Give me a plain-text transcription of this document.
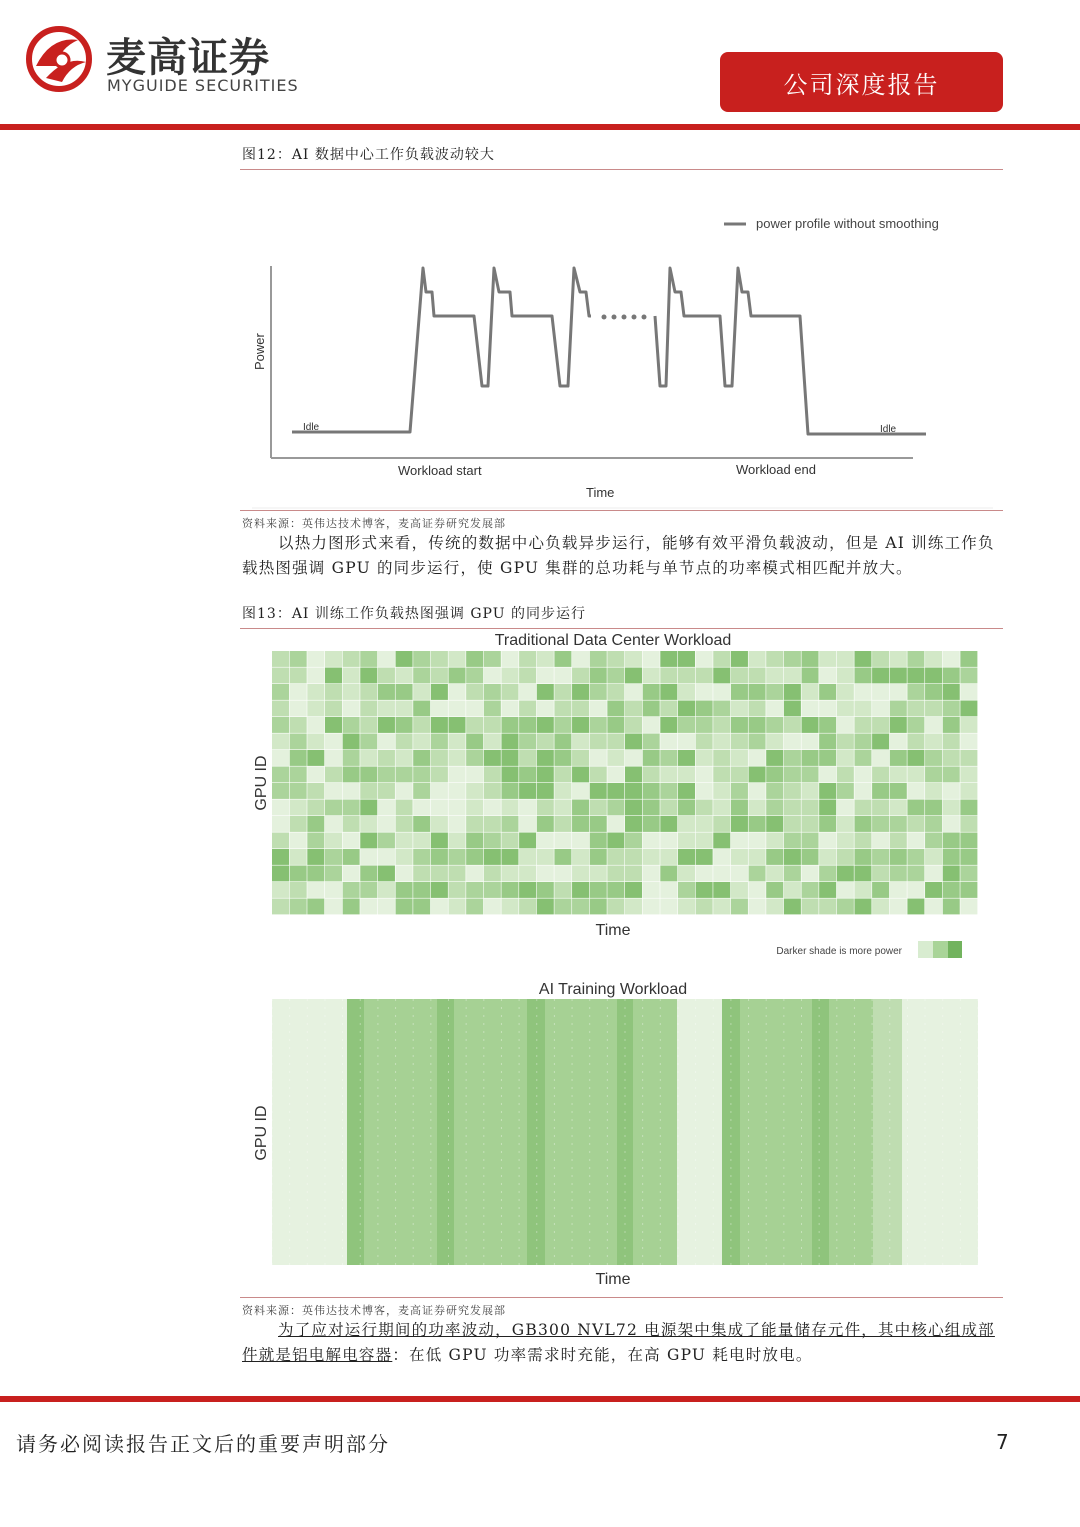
麦高证券
MYGUIDE SECURITIES	公司深度报告
图12：AI 数据中心工作负载波动较大
power profile without smoothing
Power
Idle	Idle
Workload start	Workload end
Time
资料来源：英伟达技术博客，麦高证券研究发展部
以热力图形式来看，传统的数据中心负载异步运行，能够有效平滑负载波动，但是 AI 训练工作负载热图强调 GPU 的同步运行，使 GPU 集群的总功耗与单节点的功率模式相匹配并放大。
图13：AI 训练工作负载热图强调 GPU 的同步运行
Traditional Data Center Workload
GPU ID
Time
Darker shade is more power
AI Training Workload
GPU ID
Time
资料来源：英伟达技术博客，麦高证券研究发展部
为了应对运行期间的功率波动，GB300 NVL72 电源架中集成了能量储存元件，其中核心组成部件就是铝电解电容器：在低 GPU 功率需求时充能，在高 GPU 耗电时放电。
请务必阅读报告正文后的重要声明部分	7
